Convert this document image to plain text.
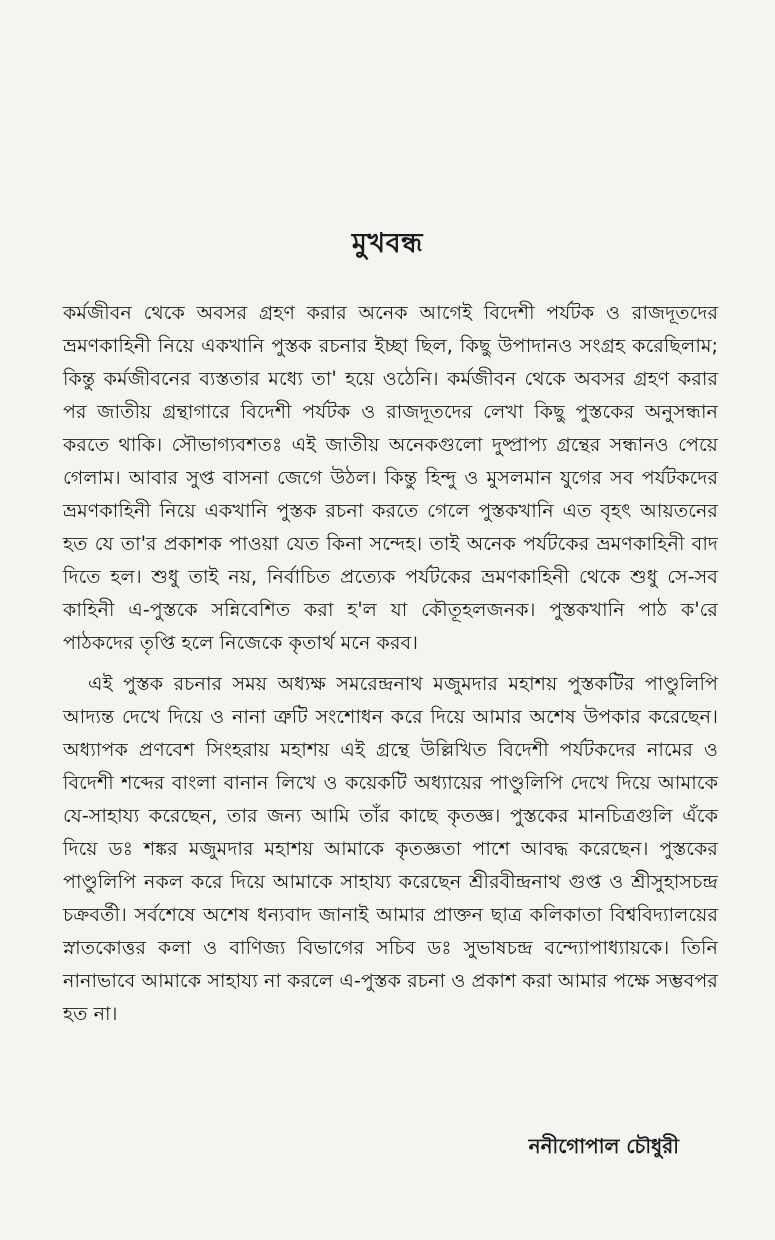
মুখবন্ধ

কর্মজীবন থেকে অবসর গ্রহণ করার অনেক আগেই বিদেশী পর্যটক ও রাজদূতদের ভ্রমণকাহিনী নিয়ে একখানি পুস্তক রচনার ইচ্ছা ছিল, কিছু উপাদানও সংগ্রহ করেছিলাম; কিন্তু কর্মজীবনের ব্যস্ততার মধ্যে তা' হয়ে ওঠেনি। কর্মজীবন থেকে অবসর গ্রহণ করার পর জাতীয় গ্রন্থাগারে বিদেশী পর্যটক ও রাজদূতদের লেখা কিছু পুস্তকের অনুসন্ধান করতে থাকি। সৌভাগ্যবশতঃ এই জাতীয় অনেকগুলো দুষ্প্রাপ্য গ্রন্থের সন্ধানও পেয়ে গেলাম। আবার সুপ্ত বাসনা জেগে উঠল। কিন্তু হিন্দু ও মুসলমান যুগের সব পর্যটকদের ভ্রমণকাহিনী নিয়ে একখানি পুস্তক রচনা করতে গেলে পুস্তকখানি এত বৃহৎ আয়তনের হত যে তা'র প্রকাশক পাওয়া যেত কিনা সন্দেহ। তাই অনেক পর্যটকের ভ্রমণকাহিনী বাদ দিতে হল। শুধু তাই নয়, নির্বাচিত প্রত্যেক পর্যটকের ভ্রমণকাহিনী থেকে শুধু সে-সব কাহিনী এ-পুস্তকে সন্নিবেশিত করা হ'ল যা কৌতূহলজনক। পুস্তকখানি পাঠ ক'রে পাঠকদের তৃপ্তি হলে নিজেকে কৃতার্থ মনে করব।

এই পুস্তক রচনার সময় অধ্যক্ষ সমরেন্দ্রনাথ মজুমদার মহাশয় পুস্তকটির পাণ্ডুলিপি আদ্যন্ত দেখে দিয়ে ও নানা ত্রুটি সংশোধন করে দিয়ে আমার অশেষ উপকার করেছেন। অধ্যাপক প্রণবেশ সিংহরায় মহাশয় এই গ্রন্থে উল্লিখিত বিদেশী পর্যটকদের নামের ও বিদেশী শব্দের বাংলা বানান লিখে ও কয়েকটি অধ্যায়ের পাণ্ডুলিপি দেখে দিয়ে আমাকে যে-সাহায্য করেছেন, তার জন্য আমি তাঁর কাছে কৃতজ্ঞ। পুস্তকের মানচিত্রগুলি এঁকে দিয়ে ডঃ শঙ্কর মজুমদার মহাশয় আমাকে কৃতজ্ঞতা পাশে আবদ্ধ করেছেন। পুস্তকের পাণ্ডুলিপি নকল করে দিয়ে আমাকে সাহায্য করেছেন শ্রীরবীন্দ্রনাথ গুপ্ত ও শ্রীসুহাসচন্দ্র চক্রবর্তী। সর্বশেষে অশেষ ধন্যবাদ জানাই আমার প্রাক্তন ছাত্র কলিকাতা বিশ্ববিদ্যালয়ের স্নাতকোত্তর কলা ও বাণিজ্য বিভাগের সচিব ডঃ সুভাষচন্দ্র বন্দ্যোপাধ্যায়কে। তিনি নানাভাবে আমাকে সাহায্য না করলে এ-পুস্তক রচনা ও প্রকাশ করা আমার পক্ষে সম্ভবপর হত না।

ননীগোপাল চৌধুরী
